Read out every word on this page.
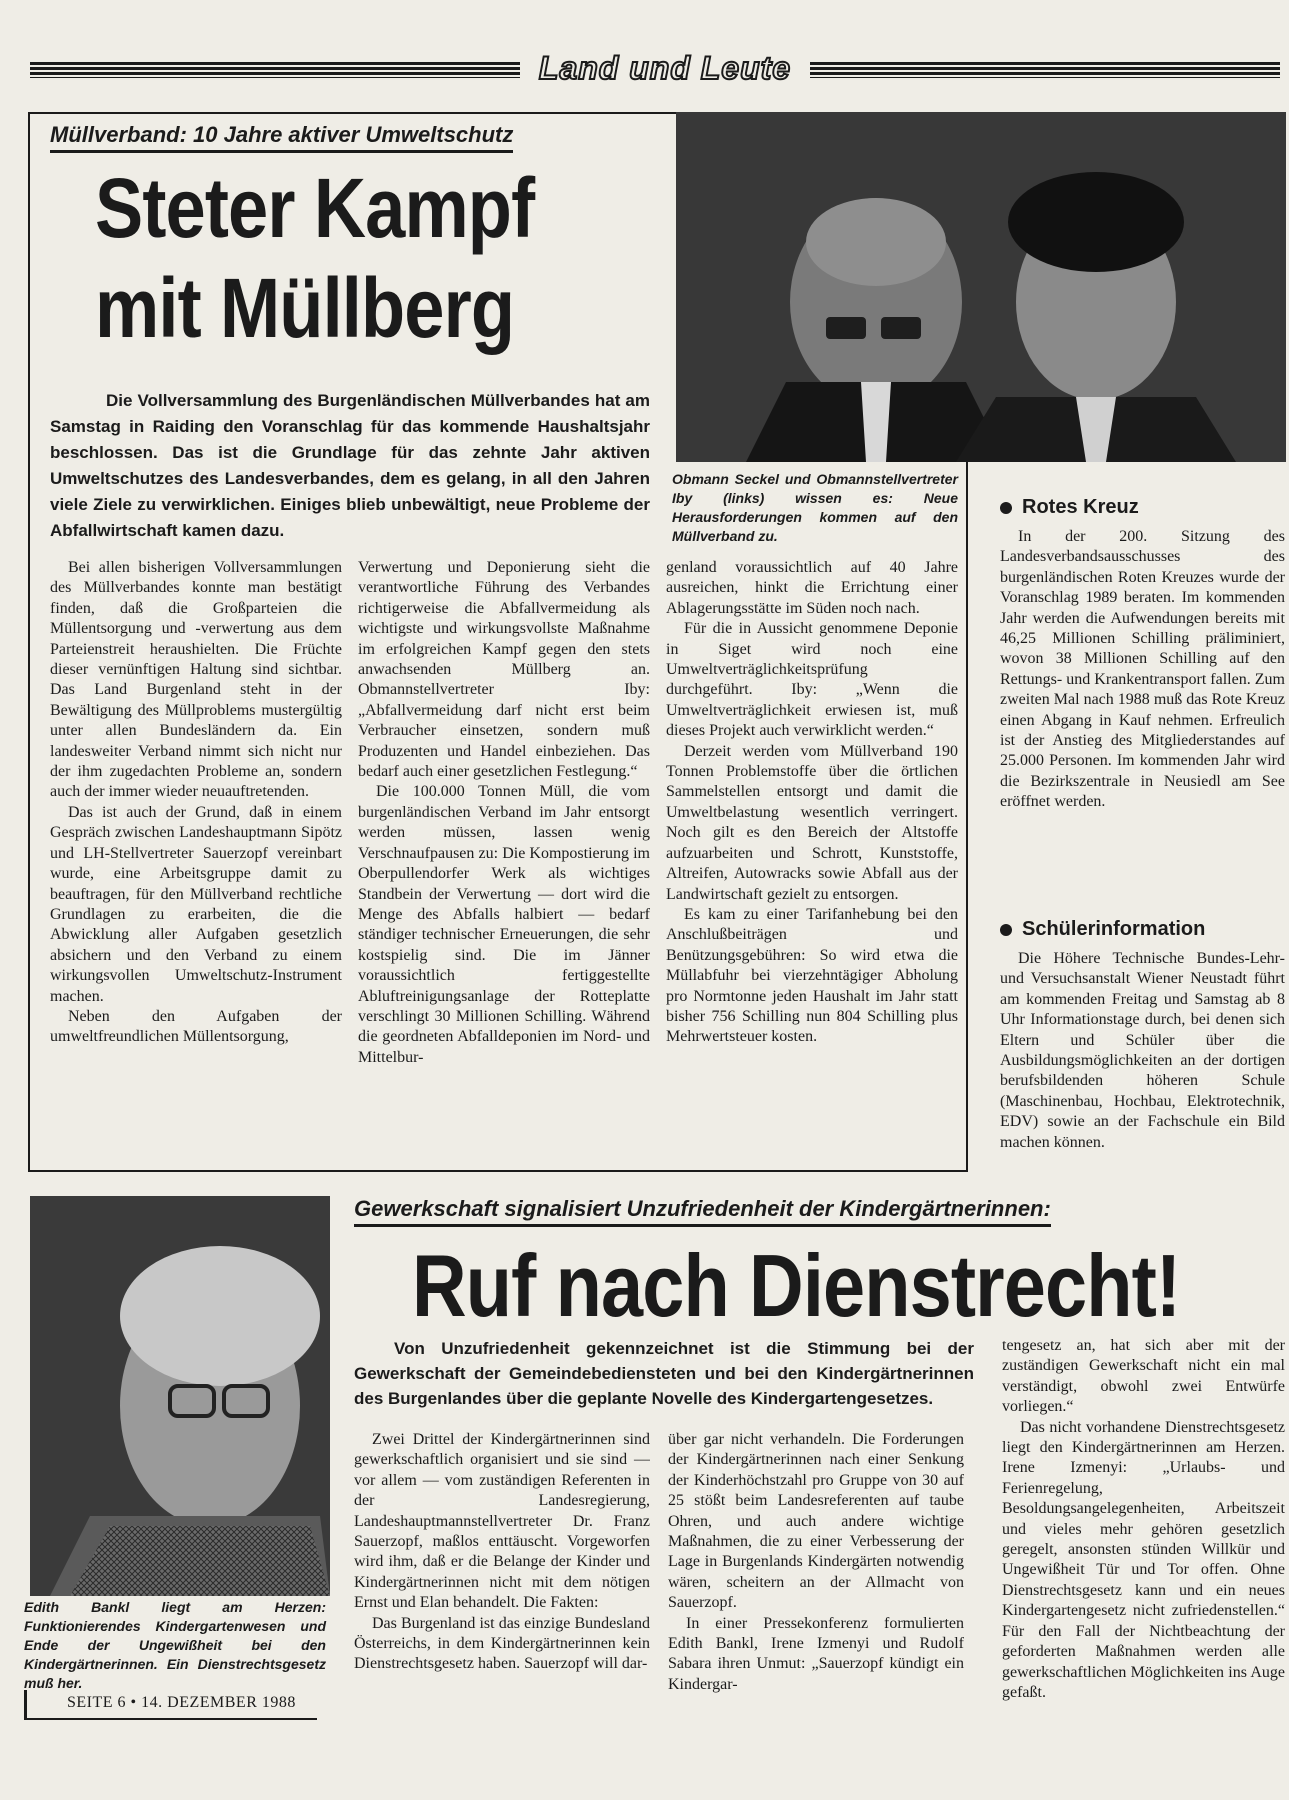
Land und Leute
Müllverband: 10 Jahre aktiver Umweltschutz
Steter Kampf
mit Müllberg
Die Vollversammlung des Burgenländischen Müllverbandes hat am Samstag in Raiding den Voranschlag für das kommende Haushaltsjahr beschlossen. Das ist die Grundlage für das zehnte Jahr aktiven Umweltschutzes des Landesverbandes, dem es gelang, in all den Jahren viele Ziele zu verwirklichen. Einiges blieb unbewältigt, neue Probleme der Abfallwirtschaft kamen dazu.
Obmann Seckel und Obmannstellvertreter Iby (links) wissen es: Neue Herausforderungen kommen auf den Müllverband zu.

Bei allen bisherigen Vollversammlungen des Müllverbandes konnte man bestätigt finden, daß die Großparteien die Müllentsorgung und -verwertung aus dem Parteienstreit heraushielten. Die Früchte dieser vernünftigen Haltung sind sichtbar. Das Land Burgenland steht in der Bewältigung des Müllproblems mustergültig unter allen Bundesländern da. Ein landesweiter Verband nimmt sich nicht nur der ihm zugedachten Probleme an, sondern auch der immer wieder neuauftretenden.

Das ist auch der Grund, daß in einem Gespräch zwischen Landeshauptmann Sipötz und LH-Stellvertreter Sauerzopf vereinbart wurde, eine Arbeitsgruppe damit zu beauftragen, für den Müllverband rechtliche Grundlagen zu erarbeiten, die die Abwicklung aller Aufgaben gesetzlich absichern und den Verband zu einem wirkungsvollen Umweltschutz-Instrument machen.

Neben den Aufgaben der umweltfreundlichen Müllentsorgung,

Verwertung und Deponierung sieht die verantwortliche Führung des Verbandes richtigerweise die Abfallvermeidung als wichtigste und wirkungsvollste Maßnahme im erfolgreichen Kampf gegen den stets anwachsenden Müllberg an. Obmannstellvertreter Iby: „Abfallvermeidung darf nicht erst beim Verbraucher einsetzen, sondern muß Produzenten und Handel einbeziehen. Das bedarf auch einer gesetzlichen Festlegung.“

Die 100.000 Tonnen Müll, die vom burgenländischen Verband im Jahr entsorgt werden müssen, lassen wenig Verschnaufpausen zu: Die Kompostierung im Oberpullendorfer Werk als wichtiges Standbein der Verwertung — dort wird die Menge des Abfalls halbiert — bedarf ständiger technischer Erneuerungen, die sehr kostspielig sind. Die im Jänner voraussichtlich fertiggestellte Abluftreinigungsanlage der Rotteplatte verschlingt 30 Millionen Schilling. Während die geordneten Abfalldeponien im Nord- und Mittelbur-

genland voraussichtlich auf 40 Jahre ausreichen, hinkt die Errichtung einer Ablagerungsstätte im Süden noch nach.

Für die in Aussicht genommene Deponie in Siget wird noch eine Umweltverträglichkeitsprüfung durchgeführt. Iby: „Wenn die Umweltverträglichkeit erwiesen ist, muß dieses Projekt auch verwirklicht werden.“

Derzeit werden vom Müllverband 190 Tonnen Problemstoffe über die örtlichen Sammelstellen entsorgt und damit die Umweltbelastung wesentlich verringert. Noch gilt es den Bereich der Altstoffe aufzuarbeiten und Schrott, Kunststoffe, Altreifen, Autowracks sowie Abfall aus der Landwirtschaft gezielt zu entsorgen.

Es kam zu einer Tarifanhebung bei den Anschlußbeiträgen und Benützungsgebühren: So wird etwa die Müllabfuhr bei vierzehntägiger Abholung pro Normtonne jeden Haushalt im Jahr statt bisher 756 Schilling nun 804 Schilling plus Mehrwertsteuer kosten.

Rotes Kreuz

In der 200. Sitzung des Landesverbandsausschusses des burgenländischen Roten Kreuzes wurde der Voranschlag 1989 beraten. Im kommenden Jahr werden die Aufwendungen bereits mit 46,25 Millionen Schilling präliminiert, wovon 38 Millionen Schilling auf den Rettungs- und Krankentransport fallen. Zum zweiten Mal nach 1988 muß das Rote Kreuz einen Abgang in Kauf nehmen. Erfreulich ist der Anstieg des Mitgliederstandes auf 25.000 Personen. Im kommenden Jahr wird die Bezirkszentrale in Neusiedl am See eröffnet werden.

Schülerinformation

Die Höhere Technische Bundes-Lehr- und Versuchsanstalt Wiener Neustadt führt am kommenden Freitag und Samstag ab 8 Uhr Informationstage durch, bei denen sich Eltern und Schüler über die Ausbildungsmöglichkeiten an der dortigen berufsbildenden höheren Schule (Maschinenbau, Hochbau, Elektrotechnik, EDV) sowie an der Fachschule ein Bild machen können.

Edith Bankl liegt am Herzen: Funktionierendes Kindergartenwesen und Ende der Ungewißheit bei den Kindergärtnerinnen. Ein Dienstrechtsgesetz muß her.
SEITE 6 • 14. DEZEMBER 1988
Gewerkschaft signalisiert Unzufriedenheit der Kindergärtnerinnen:
Ruf nach Dienstrecht!
Von Unzufriedenheit gekennzeichnet ist die Stimmung bei der Gewerkschaft der Gemeindebediensteten und bei den Kindergärtnerinnen des Burgenlandes über die geplante Novelle des Kindergartengesetzes.

Zwei Drittel der Kindergärtnerinnen sind gewerkschaftlich organisiert und sie sind — vor allem — vom zuständigen Referenten in der Landesregierung, Landeshauptmannstellvertreter Dr. Franz Sauerzopf, maßlos enttäuscht. Vorgeworfen wird ihm, daß er die Belange der Kinder und Kindergärtnerinnen nicht mit dem nötigen Ernst und Elan behandelt. Die Fakten:

Das Burgenland ist das einzige Bundesland Österreichs, in dem Kindergärtnerinnen kein Dienstrechtsgesetz haben. Sauerzopf will dar-

über gar nicht verhandeln. Die Forderungen der Kindergärtnerinnen nach einer Senkung der Kinderhöchstzahl pro Gruppe von 30 auf 25 stößt beim Landesreferenten auf taube Ohren, und auch andere wichtige Maßnahmen, die zu einer Verbesserung der Lage in Burgenlands Kindergärten notwendig wären, scheitern an der Allmacht von Sauerzopf.

In einer Pressekonferenz formulierten Edith Bankl, Irene Izmenyi und Rudolf Sabara ihren Unmut: „Sauerzopf kündigt ein Kindergar-

tengesetz an, hat sich aber mit der zuständigen Gewerkschaft nicht ein mal verständigt, obwohl zwei Entwürfe vorliegen.“

Das nicht vorhandene Dienstrechtsgesetz liegt den Kindergärtnerinnen am Herzen. Irene Izmenyi: „Urlaubs- und Ferienregelung, Besoldungsangelegenheiten, Arbeitszeit und vieles mehr gehören gesetzlich geregelt, ansonsten stünden Willkür und Ungewißheit Tür und Tor offen. Ohne Dienstrechtsgesetz kann und ein neues Kindergartengesetz nicht zufriedenstellen.“ Für den Fall der Nichtbeachtung der geforderten Maßnahmen werden alle gewerkschaftlichen Möglichkeiten ins Auge gefaßt.
